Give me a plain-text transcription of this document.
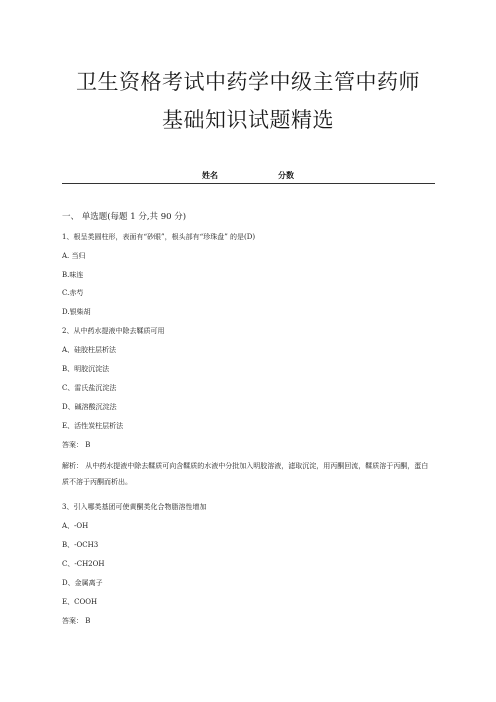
卫生资格考试中药学中级主管中药师
基础知识试题精选
姓名	分数
一、 单选题(每题 1 分,共 90 分)
1、根呈类圆柱形，表面有“砂眼”，根头部有“珍珠盘” 的是(D)
A. 当归
B.味连
C.赤芍
D.银柴胡
2、从中药水提液中除去鞣质可用
A、硅胶柱层析法
B、明胶沉淀法
C、雷氏盐沉淀法
D、碱溶酸沉淀法
E、活性炭柱层析法
答案： B
解析： 从中药水提液中除去鞣质可向含鞣质的水液中分批加入明胶溶液，滤取沉淀，用丙酮回流，鞣质溶于丙酮，蛋白质不溶于丙酮而析出。
3、引入哪类基团可使黄酮类化合物脂溶性增加
A、-OH
B、-OCH3
C、-CH2OH
D、金属离子
E、COOH
答案： B
